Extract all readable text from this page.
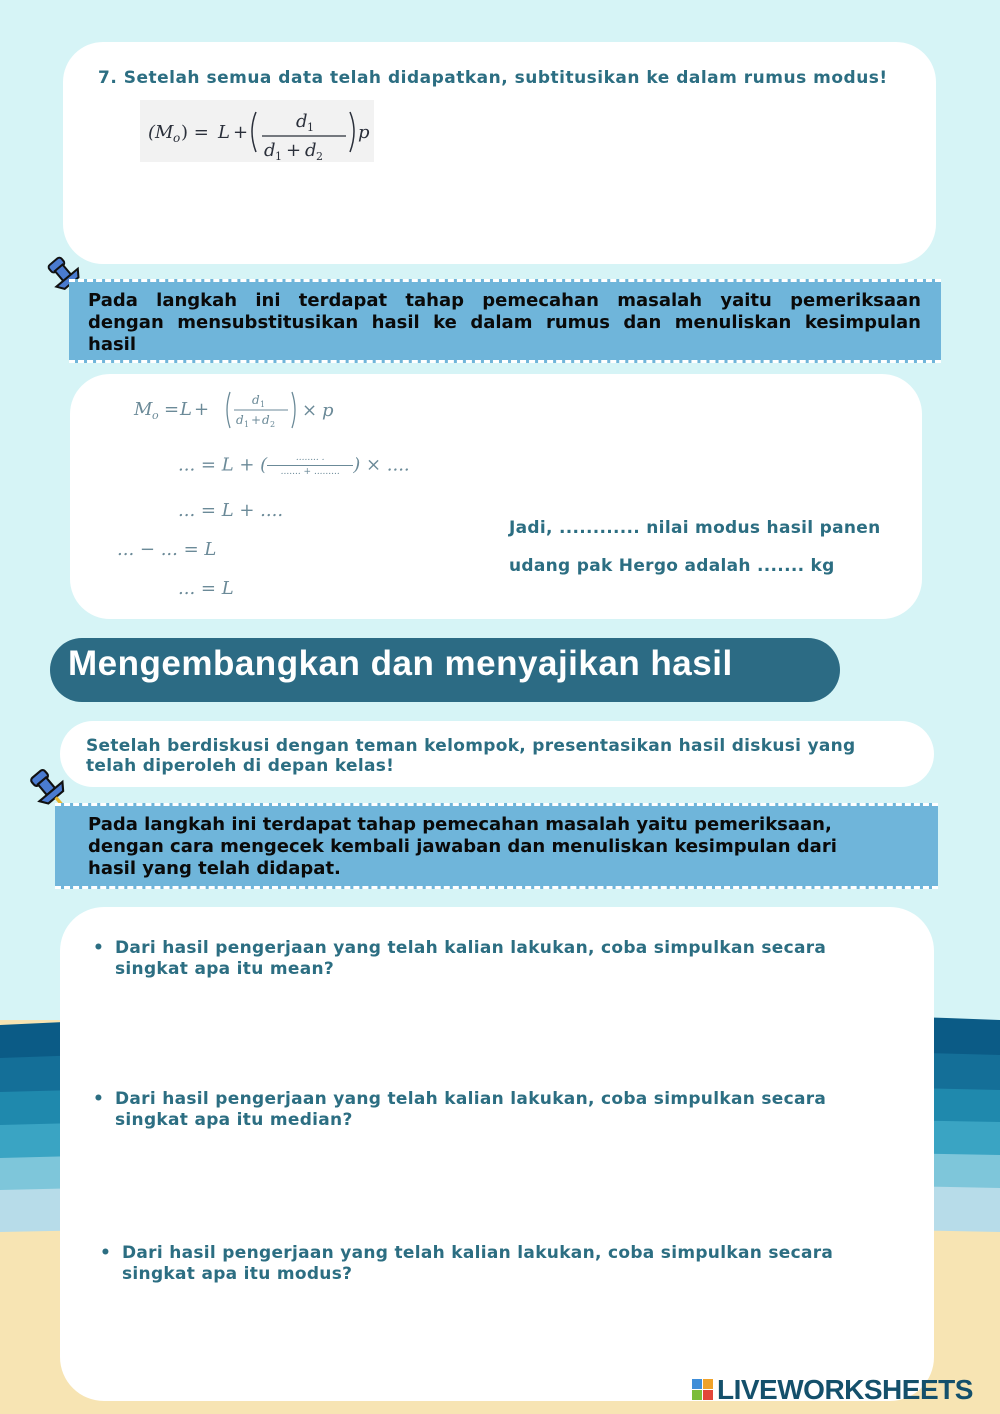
7. Setelah semua data telah didapatkan, subtitusikan ke dalam rumus modus!
(M o ) = L +
d 1
d 1 + d 2
p

Pada langkah ini terdapat tahap pemecahan masalah yaitu pemeriksaan

dengan mensubstitusikan hasil ke dalam rumus dan menuliskan kesimpulan

hasil

M o = L +	d 1
d 1 + d 2
× p
... = L + (	........ .
....... + ......... ) × ....
... = L + ....
... − ... = L
... = L
Jadi, ............ nilai modus hasil panen
udang pak Hergo adalah ....... kg
Mengembangkan dan menyajikan hasil
Setelah berdiskusi dengan teman kelompok, presentasikan hasil diskusi yang
telah diperoleh di depan kelas!

Pada langkah ini terdapat tahap pemecahan masalah yaitu pemeriksaan,

dengan cara mengecek kembali jawaban dan menuliskan kesimpulan dari

hasil yang telah didapat.

• Dari hasil pengerjaan yang telah kalian lakukan, coba simpulkan secara
singkat apa itu mean?
• Dari hasil pengerjaan yang telah kalian lakukan, coba simpulkan secara
singkat apa itu median?
• Dari hasil pengerjaan yang telah kalian lakukan, coba simpulkan secara
singkat apa itu modus?
LIVEWORKSHEETS
